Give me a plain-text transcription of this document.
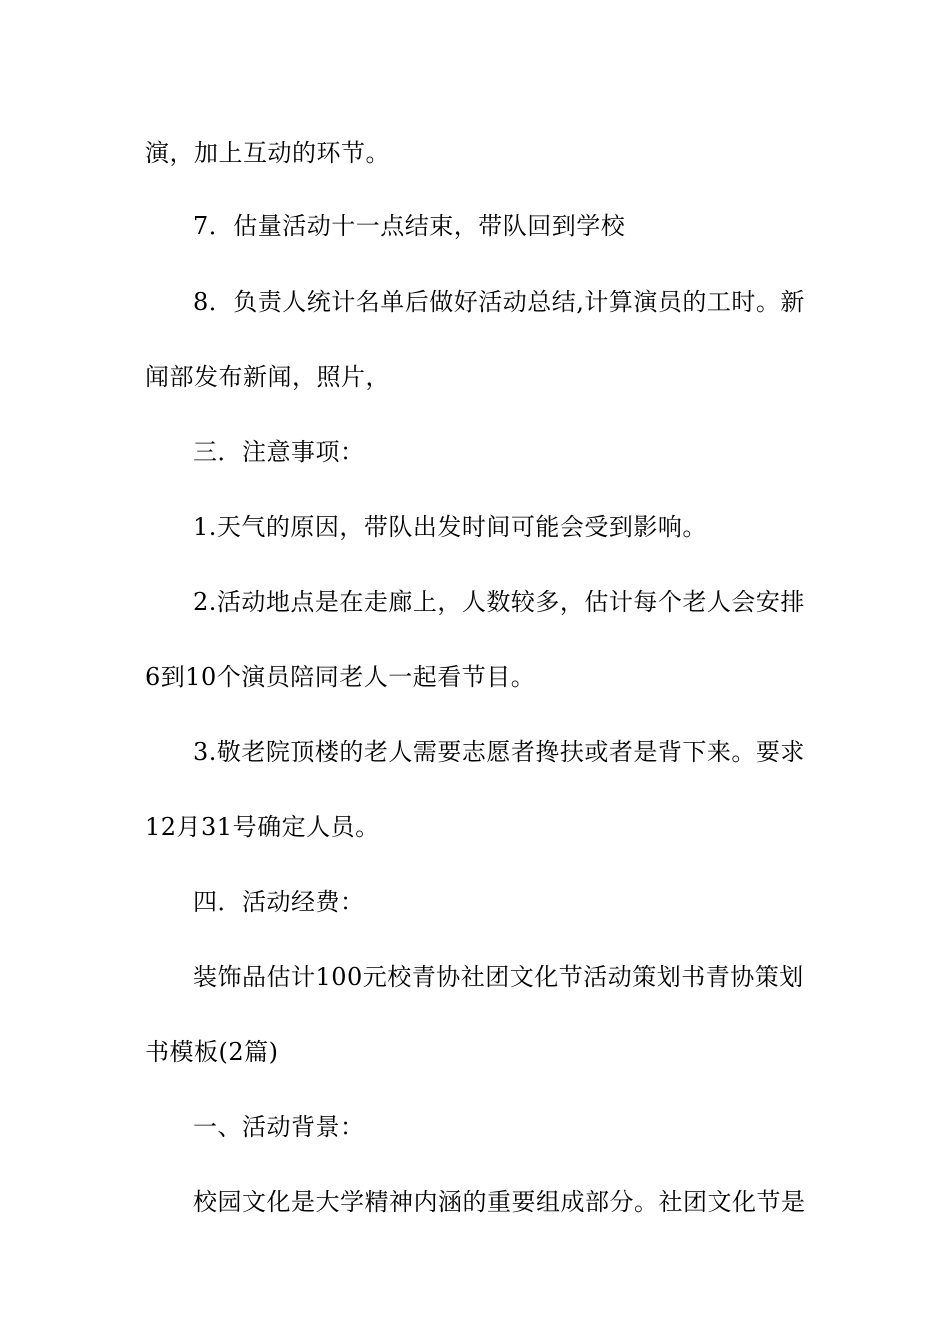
演，加上互动的环节。
7．估量活动十一点结束，带队回到学校
8．负责人统计名单后做好活动总结,计算演员的工时。新
闻部发布新闻，照片，
三．注意事项：
1.天气的原因，带队出发时间可能会受到影响。
2.活动地点是在走廊上，人数较多，估计每个老人会安排
6到10个演员陪同老人一起看节目。
3.敬老院顶楼的老人需要志愿者搀扶或者是背下来。要求
12月31号确定人员。
四．活动经费：
装饰品估计100元校青协社团文化节活动策划书青协策划
书模板(2篇)
一、活动背景：
校园文化是大学精神内涵的重要组成部分。社团文化节是
